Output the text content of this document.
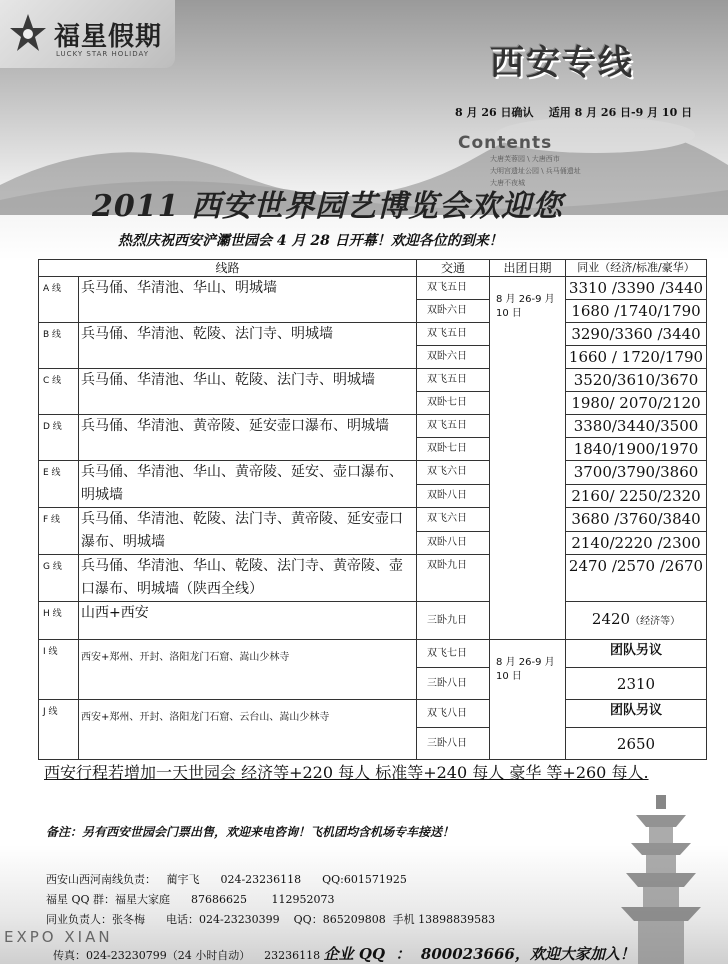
福星假期
LUCKY STAR HOLIDAY	西安专线
8 月 26 日确认    适用 8 月 26 日-9 月 10 日
Contents
大唐芙蓉园 \ 大唐西市
大明宫遗址公园 \ 兵马俑遗址
大唐不夜城
2011 西安世界园艺博览会欢迎您
热烈庆祝西安浐灞世园会 4 月 28 日开幕！欢迎各位的到来！
线路		交通	出团日期	同业（经济/标准/豪华）
A 线	兵马俑、华清池、华山、明城墙	双飞五日	8 月 26-9 月 10 日	3310 /3390 /3440
		双卧六日		1680 /1740/1790
B 线	兵马俑、华清池、乾陵、法门寺、明城墙	双飞五日		3290/3360 /3440
		双卧六日		1660 / 1720/1790
C 线	兵马俑、华清池、华山、乾陵、法门寺、明城墙	双飞五日		3520/3610/3670
		双卧七日		1980/ 2070/2120
D 线	兵马俑、华清池、黄帝陵、延安壶口瀑布、明城墙	双飞五日		3380/3440/3500
		双卧七日		1840/1900/1970
E 线	兵马俑、华清池、华山、黄帝陵、延安、壶口瀑布、明城墙	双飞六日		3700/3790/3860
		双卧八日		2160/ 2250/2320
F 线	兵马俑、华清池、乾陵、法门寺、黄帝陵、延安壶口瀑布、明城墙	双飞六日		3680 /3760/3840
		双卧八日		2140/2220 /2300
G 线	兵马俑、华清池、华山、乾陵、法门寺、黄帝陵、壶口瀑布、明城墙（陕西全线）	双卧九日		2470 /2570 /2670
H 线	山西+西安	三卧九日		2420（经济等）
I 线	西安+郑州、开封、洛阳龙门石窟、嵩山少林寺	双飞七日	8 月 26-9 月 10 日	团队另议
		三卧八日		2310
J 线	西安+郑州、开封、洛阳龙门石窟、云台山、嵩山少林寺	双飞八日		团队另议
		三卧八日		2650
西安行程若增加一天世园会 经济等+220 每人 标准等+240 每人 豪华 等+260 每人.
备注：另有西安世园会门票出售，欢迎来电咨询！飞机团均含机场专车接送！
EXPO XIAN
西安山西河南线负责：   蔺宇飞      024-23236118      QQ:601571925
福星 QQ 群：福星大家庭      87686625       112952073
同业负责人：张冬梅      电话：024-23230399    QQ：865209808  手机 13898839583

传真：024-23230799（24 小时自动）    23236118 企业 QQ  ：  800023666，欢迎大家加入！
